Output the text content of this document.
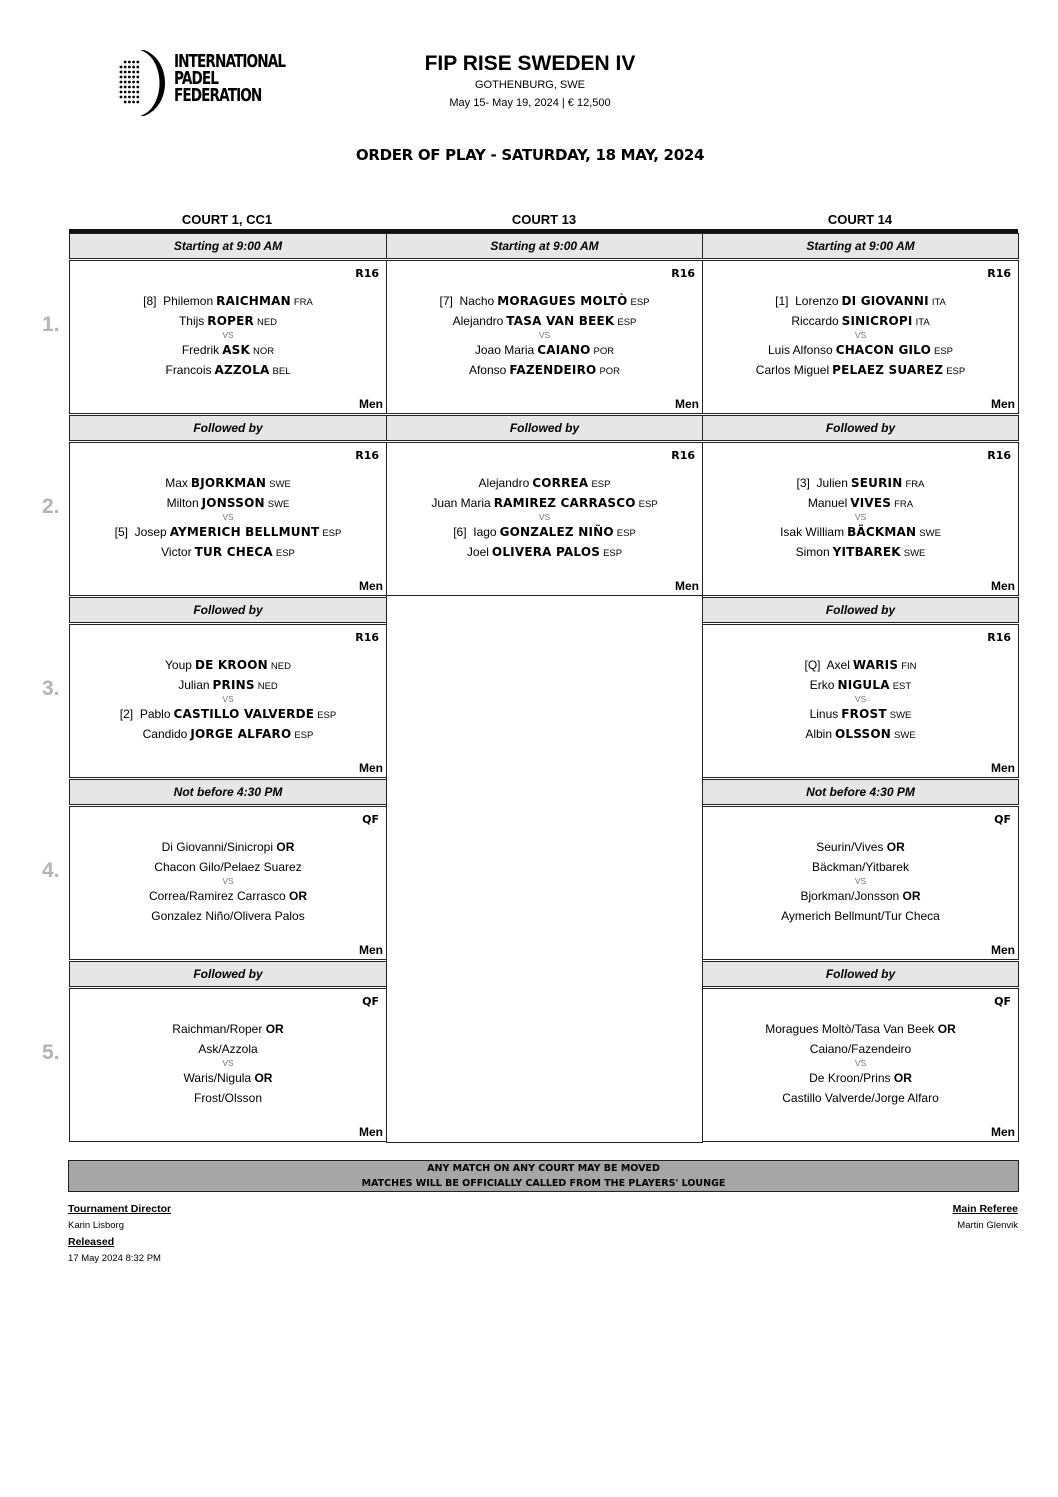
INTERNATIONAL
PADEL
FEDERATION
FIP RISE SWEDEN IV
GOTHENBURG, SWE
May 15- May 19, 2024 | € 12,500
ORDER OF PLAY - SATURDAY, 18 MAY, 2024
COURT 1, CC1	COURT 13	COURT 14
1.
Starting at 9:00 AM
R16
Men
[8] Philemon RAICHMAN FRA
Thijs ROPER NED
VS
Fredrik ASK NOR
Francois AZZOLA BEL
Starting at 9:00 AM
R16
Men
[7] Nacho MORAGUES MOLTÒ ESP
Alejandro TASA VAN BEEK ESP
VS
Joao Maria CAIANO POR
Afonso FAZENDEIRO POR
Starting at 9:00 AM
R16
Men
[1] Lorenzo DI GIOVANNI ITA
Riccardo SINICROPI ITA
VS
Luis Alfonso CHACON GILO ESP
Carlos Miguel PELAEZ SUAREZ ESP
2.
Followed by
R16
Men
Max BJORKMAN SWE
Milton JONSSON SWE
VS
[5] Josep AYMERICH BELLMUNT ESP
Victor TUR CHECA ESP
Followed by
R16
Men
Alejandro CORREA ESP
Juan Maria RAMIREZ CARRASCO ESP
VS
[6] Iago GONZALEZ NIÑO ESP
Joel OLIVERA PALOS ESP
Followed by
R16
Men
[3] Julien SEURIN FRA
Manuel VIVES FRA
VS
Isak William BÄCKMAN SWE
Simon YITBAREK SWE
3.
Followed by
R16
Men
Youp DE KROON NED
Julian PRINS NED
VS
[2] Pablo CASTILLO VALVERDE ESP
Candido JORGE ALFARO ESP
Followed by
R16
Men
[Q] Axel WARIS FIN
Erko NIGULA EST
VS
Linus FROST SWE
Albin OLSSON SWE
4.
Not before 4:30 PM
QF
Men
Di Giovanni/Sinicropi OR
Chacon Gilo/Pelaez Suarez
VS
Correa/Ramirez Carrasco OR
Gonzalez Niño/Olivera Palos
Not before 4:30 PM
QF
Men
Seurin/Vives OR
Bäckman/Yitbarek
VS
Bjorkman/Jonsson OR
Aymerich Bellmunt/Tur Checa
5.
Followed by
QF
Men
Raichman/Roper OR
Ask/Azzola
VS
Waris/Nigula OR
Frost/Olsson
Followed by
QF
Men
Moragues Moltò/Tasa Van Beek OR
Caiano/Fazendeiro
VS
De Kroon/Prins OR
Castillo Valverde/Jorge Alfaro
ANY MATCH ON ANY COURT MAY BE MOVED
MATCHES WILL BE OFFICIALLY CALLED FROM THE PLAYERS' LOUNGE
Tournament Director
Karin Lisborg
Released
17 May 2024 8:32 PM
Main Referee
Martin Glenvik
